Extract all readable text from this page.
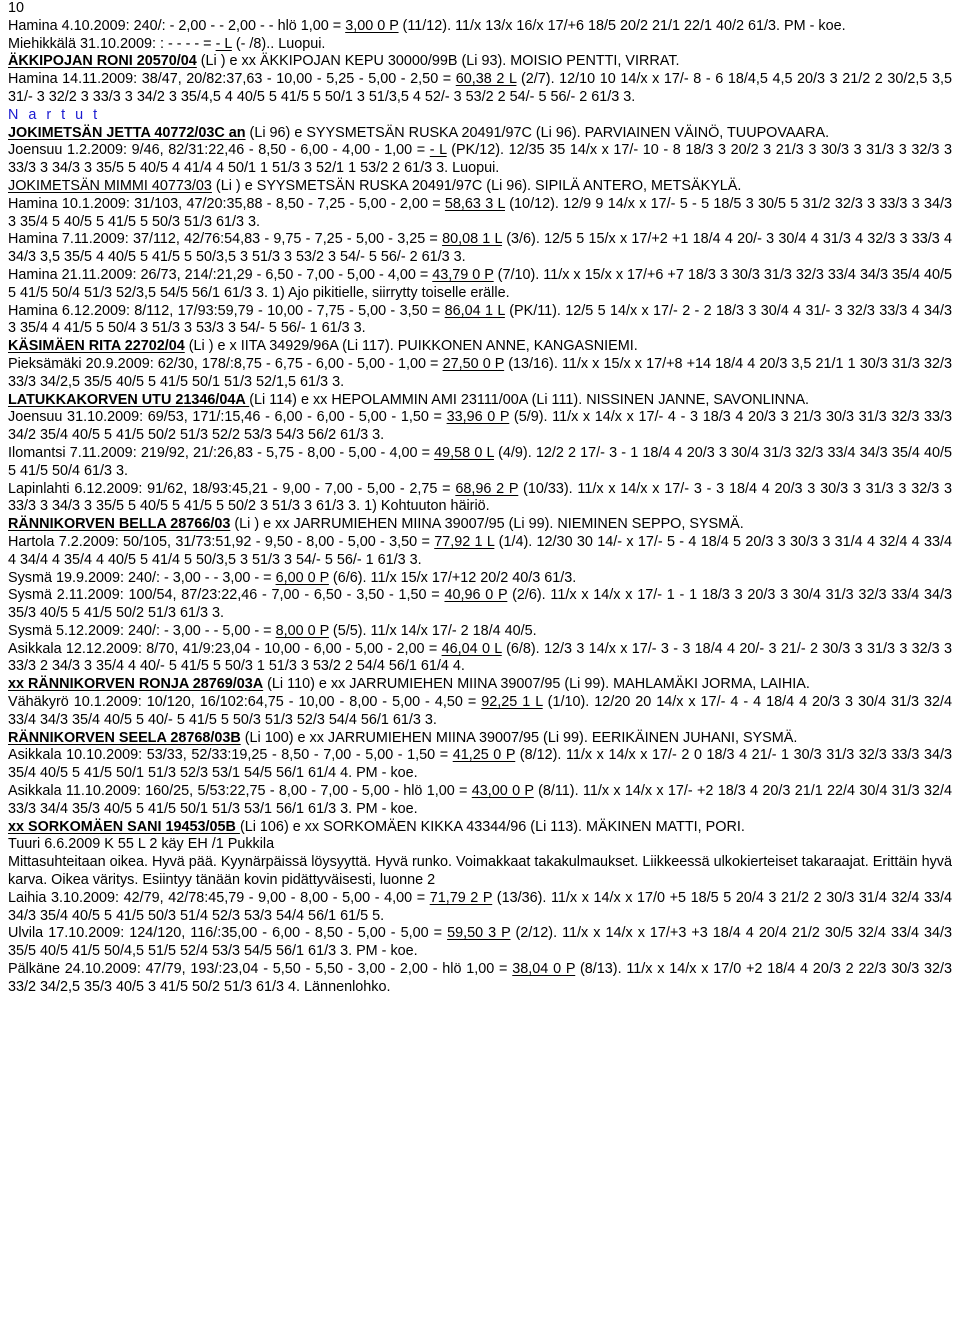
10
Hamina 4.10.2009: 240/: - 2,00 - - 2,00 - - hlö 1,00 = 3,00 0 P (11/12). 11/x 13/x 16/x 17/+6 18/5 20/2 21/1 22/1 40/2 61/3. PM - koe.
Miehikkälä 31.10.2009: : - - - - = - L (- /8).. Luopui.
ÄKKIPOJAN RONI 20570/04 (Li ) e xx ÄKKIPOJAN KEPU 30000/99B (Li 93). MOISIO PENTTI, VIRRAT.
Hamina 14.11.2009: 38/47, 20/82:37,63 - 10,00 - 5,25 - 5,00 - 2,50 = 60,38 2 L (2/7). 12/10 10 14/x x 17/- 8 - 6 18/4,5 4,5 20/3 3 21/2 2 30/2,5 3,5 31/- 3 32/2 3 33/3 3 34/2 3 35/4,5 4 40/5 5 41/5 5 50/1 3 51/3,5 4 52/- 3 53/2 2 54/- 5 56/- 2 61/3 3.
N a r t u t
JOKIMETSÄN JETTA 40772/03C an (Li 96) e SYYSMETSÄN RUSKA 20491/97C (Li 96). PARVIAINEN VÄINÖ, TUUPOVAARA.
Joensuu 1.2.2009: 9/46, 82/31:22,46 - 8,50 - 6,00 - 4,00 - 1,00 = - L (PK/12). 12/35 35 14/x x 17/- 10 - 8 18/3 3 20/2 3 21/3 3 30/3 3 31/3 3 32/3 3 33/3 3 34/3 3 35/5 5 40/5 4 41/4 4 50/1 1 51/3 3 52/1 1 53/2 2 61/3 3. Luopui.
JOKIMETSÄN MIMMI 40773/03 (Li ) e SYYSMETSÄN RUSKA 20491/97C (Li 96). SIPILÄ ANTERO, METSÄKYLÄ.
Hamina 10.1.2009: 31/103, 47/20:35,88 - 8,50 - 7,25 - 5,00 - 2,00 = 58,63 3 L (10/12). 12/9 9 14/x x 17/- 5 - 5 18/5 3 30/5 5 31/2 32/3 3 33/3 3 34/3 3 35/4 5 40/5 5 41/5 5 50/3 51/3 61/3 3.
Hamina 7.11.2009: 37/112, 42/76:54,83 - 9,75 - 7,25 - 5,00 - 3,25 = 80,08 1 L (3/6). 12/5 5 15/x x 17/+2 +1 18/4 4 20/- 3 30/4 4 31/3 4 32/3 3 33/3 4 34/3 3,5 35/5 4 40/5 5 41/5 5 50/3,5 3 51/3 3 53/2 3 54/- 5 56/- 2 61/3 3.
Hamina 21.11.2009: 26/73, 214/:21,29 - 6,50 - 7,00 - 5,00 - 4,00 = 43,79 0 P (7/10). 11/x x 15/x x 17/+6 +7 18/3 3 30/3 31/3 32/3 33/4 34/3 35/4 40/5 5 41/5 50/4 51/3 52/3,5 54/5 56/1 61/3 3. 1) Ajo pikitielle, siirrytty toiselle erälle.
Hamina 6.12.2009: 8/112, 17/93:59,79 - 10,00 - 7,75 - 5,00 - 3,50 = 86,04 1 L (PK/11). 12/5 5 14/x x 17/- 2 - 2 18/3 3 30/4 4 31/- 3 32/3 33/3 4 34/3 3 35/4 4 41/5 5 50/4 3 51/3 3 53/3 3 54/- 5 56/- 1 61/3 3.
KÄSIMÄEN RITA 22702/04 (Li ) e x IITA 34929/96A (Li 117). PUIKKONEN ANNE, KANGASNIEMI.
Pieksämäki 20.9.2009: 62/30, 178/:8,75 - 6,75 - 6,00 - 5,00 - 1,00 = 27,50 0 P (13/16). 11/x x 15/x x 17/+8 +14 18/4 4 20/3 3,5 21/1 1 30/3 31/3 32/3 33/3 34/2,5 35/5 40/5 5 41/5 50/1 51/3 52/1,5 61/3 3.
LATUKKAKORVEN UTU 21346/04A (Li 114) e xx HEPOLAMMIN AMI 23111/00A (Li 111). NISSINEN JANNE, SAVONLINNA.
Joensuu 31.10.2009: 69/53, 171/:15,46 - 6,00 - 6,00 - 5,00 - 1,50 = 33,96 0 P (5/9). 11/x x 14/x x 17/- 4 - 3 18/3 4 20/3 3 21/3 30/3 31/3 32/3 33/3 34/2 35/4 40/5 5 41/5 50/2 51/3 52/2 53/3 54/3 56/2 61/3 3.
Ilomantsi 7.11.2009: 219/92, 21/:26,83 - 5,75 - 8,00 - 5,00 - 4,00 = 49,58 0 L (4/9). 12/2 2 17/- 3 - 1 18/4 4 20/3 3 30/4 31/3 32/3 33/4 34/3 35/4 40/5 5 41/5 50/4 61/3 3.
Lapinlahti 6.12.2009: 91/62, 18/93:45,21 - 9,00 - 7,00 - 5,00 - 2,75 = 68,96 2 P (10/33). 11/x x 14/x x 17/- 3 - 3 18/4 4 20/3 3 30/3 3 31/3 3 32/3 3 33/3 3 34/3 3 35/5 5 40/5 5 41/5 5 50/2 3 51/3 3 61/3 3. 1) Kohtuuton häiriö.
RÄNNIKORVEN BELLA 28766/03 (Li ) e xx JARRUMIEHEN MIINA 39007/95 (Li 99). NIEMINEN SEPPO, SYSMÄ.
Hartola 7.2.2009: 50/105, 31/73:51,92 - 9,50 - 8,00 - 5,00 - 3,50 = 77,92 1 L (1/4). 12/30 30 14/- x 17/- 5 - 4 18/4 5 20/3 3 30/3 3 31/4 4 32/4 4 33/4 4 34/4 4 35/4 4 40/5 5 41/4 5 50/3,5 3 51/3 3 54/- 5 56/- 1 61/3 3.
Sysmä 19.9.2009: 240/: - 3,00 - - 3,00 - = 6,00 0 P (6/6). 11/x 15/x 17/+12 20/2 40/3 61/3.
Sysmä 2.11.2009: 100/54, 87/23:22,46 - 7,00 - 6,50 - 3,50 - 1,50 = 40,96 0 P (2/6). 11/x x 14/x x 17/- 1 - 1 18/3 3 20/3 3 30/4 31/3 32/3 33/4 34/3 35/3 40/5 5 41/5 50/2 51/3 61/3 3.
Sysmä 5.12.2009: 240/: - 3,00 - - 5,00 - = 8,00 0 P (5/5). 11/x 14/x 17/- 2 18/4 40/5.
Asikkala 12.12.2009: 8/70, 41/9:23,04 - 10,00 - 6,00 - 5,00 - 2,00 = 46,04 0 L (6/8). 12/3 3 14/x x 17/- 3 - 3 18/4 4 20/- 3 21/- 2 30/3 3 31/3 3 32/3 3 33/3 2 34/3 3 35/4 4 40/- 5 41/5 5 50/3 1 51/3 3 53/2 2 54/4 56/1 61/4 4.
xx RÄNNIKORVEN RONJA 28769/03A (Li 110) e xx JARRUMIEHEN MIINA 39007/95 (Li 99). MAHLAMÄKI JORMA, LAIHIA.
Vähäkyrö 10.1.2009: 10/120, 16/102:64,75 - 10,00 - 8,00 - 5,00 - 4,50 = 92,25 1 L (1/10). 12/20 20 14/x x 17/- 4 - 4 18/4 4 20/3 3 30/4 31/3 32/4 33/4 34/3 35/4 40/5 5 40/- 5 41/5 5 50/3 51/3 52/3 54/4 56/1 61/3 3.
RÄNNIKORVEN SEELA 28768/03B (Li 100) e xx JARRUMIEHEN MIINA 39007/95 (Li 99). EERIKÄINEN JUHANI, SYSMÄ.
Asikkala 10.10.2009: 53/33, 52/33:19,25 - 8,50 - 7,00 - 5,00 - 1,50 = 41,25 0 P (8/12). 11/x x 14/x x 17/- 2 0 18/3 4 21/- 1 30/3 31/3 32/3 33/3 34/3 35/4 40/5 5 41/5 50/1 51/3 52/3 53/1 54/5 56/1 61/4 4. PM - koe.
Asikkala 11.10.2009: 160/25, 5/53:22,75 - 8,00 - 7,00 - 5,00 - hlö 1,00 = 43,00 0 P (8/11). 11/x x 14/x x 17/- +2 18/3 4 20/3 21/1 22/4 30/4 31/3 32/4 33/3 34/4 35/3 40/5 5 41/5 50/1 51/3 53/1 56/1 61/3 3. PM - koe.
xx SORKOMÄEN SANI 19453/05B (Li 106) e xx SORKOMÄEN KIKKA 43344/96 (Li 113). MÄKINEN MATTI, PORI.
Tuuri 6.6.2009 K 55 L 2 käy EH /1 Pukkila
Mittasuhteitaan oikea. Hyvä pää. Kyynärpäissä löysyyttä. Hyvä runko. Voimakkaat takakulmaukset. Liikkeessä ulkokierteiset takaraajat. Erittäin hyvä karva. Oikea väritys. Esiintyy tänään kovin pidättyväisesti, luonne 2
Laihia 3.10.2009: 42/79, 42/78:45,79 - 9,00 - 8,00 - 5,00 - 4,00 = 71,79 2 P (13/36). 11/x x 14/x x 17/0 +5 18/5 5 20/4 3 21/2 2 30/3 31/4 32/4 33/4 34/3 35/4 40/5 5 41/5 50/3 51/4 52/3 53/3 54/4 56/1 61/5 5.
Ulvila 17.10.2009: 124/120, 116/:35,00 - 6,00 - 8,50 - 5,00 - 5,00 = 59,50 3 P (2/12). 11/x x 14/x x 17/+3 +3 18/4 4 20/4 21/2 30/5 32/4 33/4 34/3 35/5 40/5 41/5 50/4,5 51/5 52/4 53/3 54/5 56/1 61/3 3. PM - koe.
Pälkäne 24.10.2009: 47/79, 193/:23,04 - 5,50 - 5,50 - 3,00 - 2,00 - hlö 1,00 = 38,04 0 P (8/13). 11/x x 14/x x 17/0 +2 18/4 4 20/3 2 22/3 30/3 32/3 33/2 34/2,5 35/3 40/5 3 41/5 50/2 51/3 61/3 4. Lännenlohko.
